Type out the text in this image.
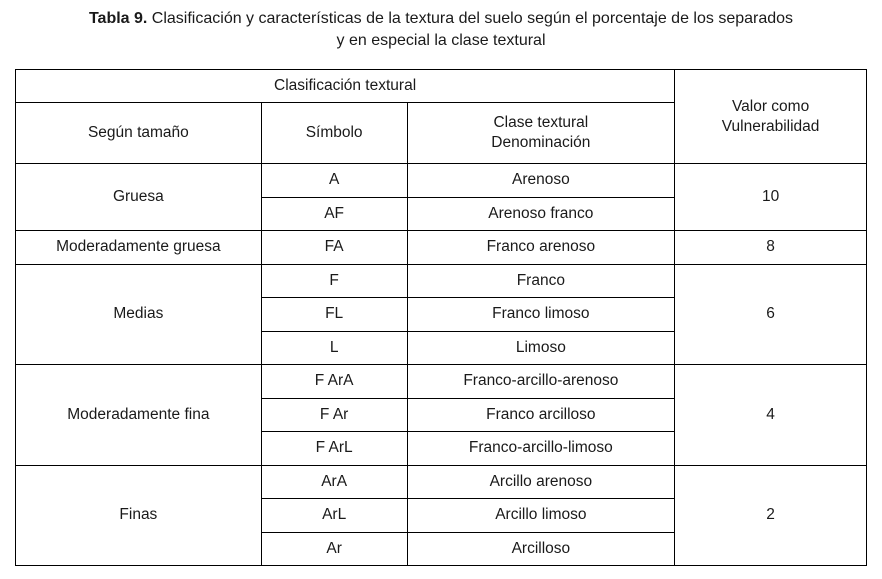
Tabla 9. Clasificación y características de la textura del suelo según el porcentaje de los separados
y en especial la clase textural
Clasificación textural			Valor como
Vulnerabilidad

Según tamaño	Símbolo	Clase textural
Denominación	

Gruesa	A	Arenoso	10
	AF	Arenoso franco	
Moderadamente gruesa	FA	Franco arenoso	8
Medias	F	Franco	6
	FL	Franco limoso	
	L	Limoso	
Moderadamente fina	F ArA	Franco-arcillo-arenoso	4
	F Ar	Franco arcilloso	
	F ArL	Franco-arcillo-limoso	
Finas	ArA	Arcillo arenoso	2
	ArL	Arcillo limoso	
	Ar	Arcilloso	
